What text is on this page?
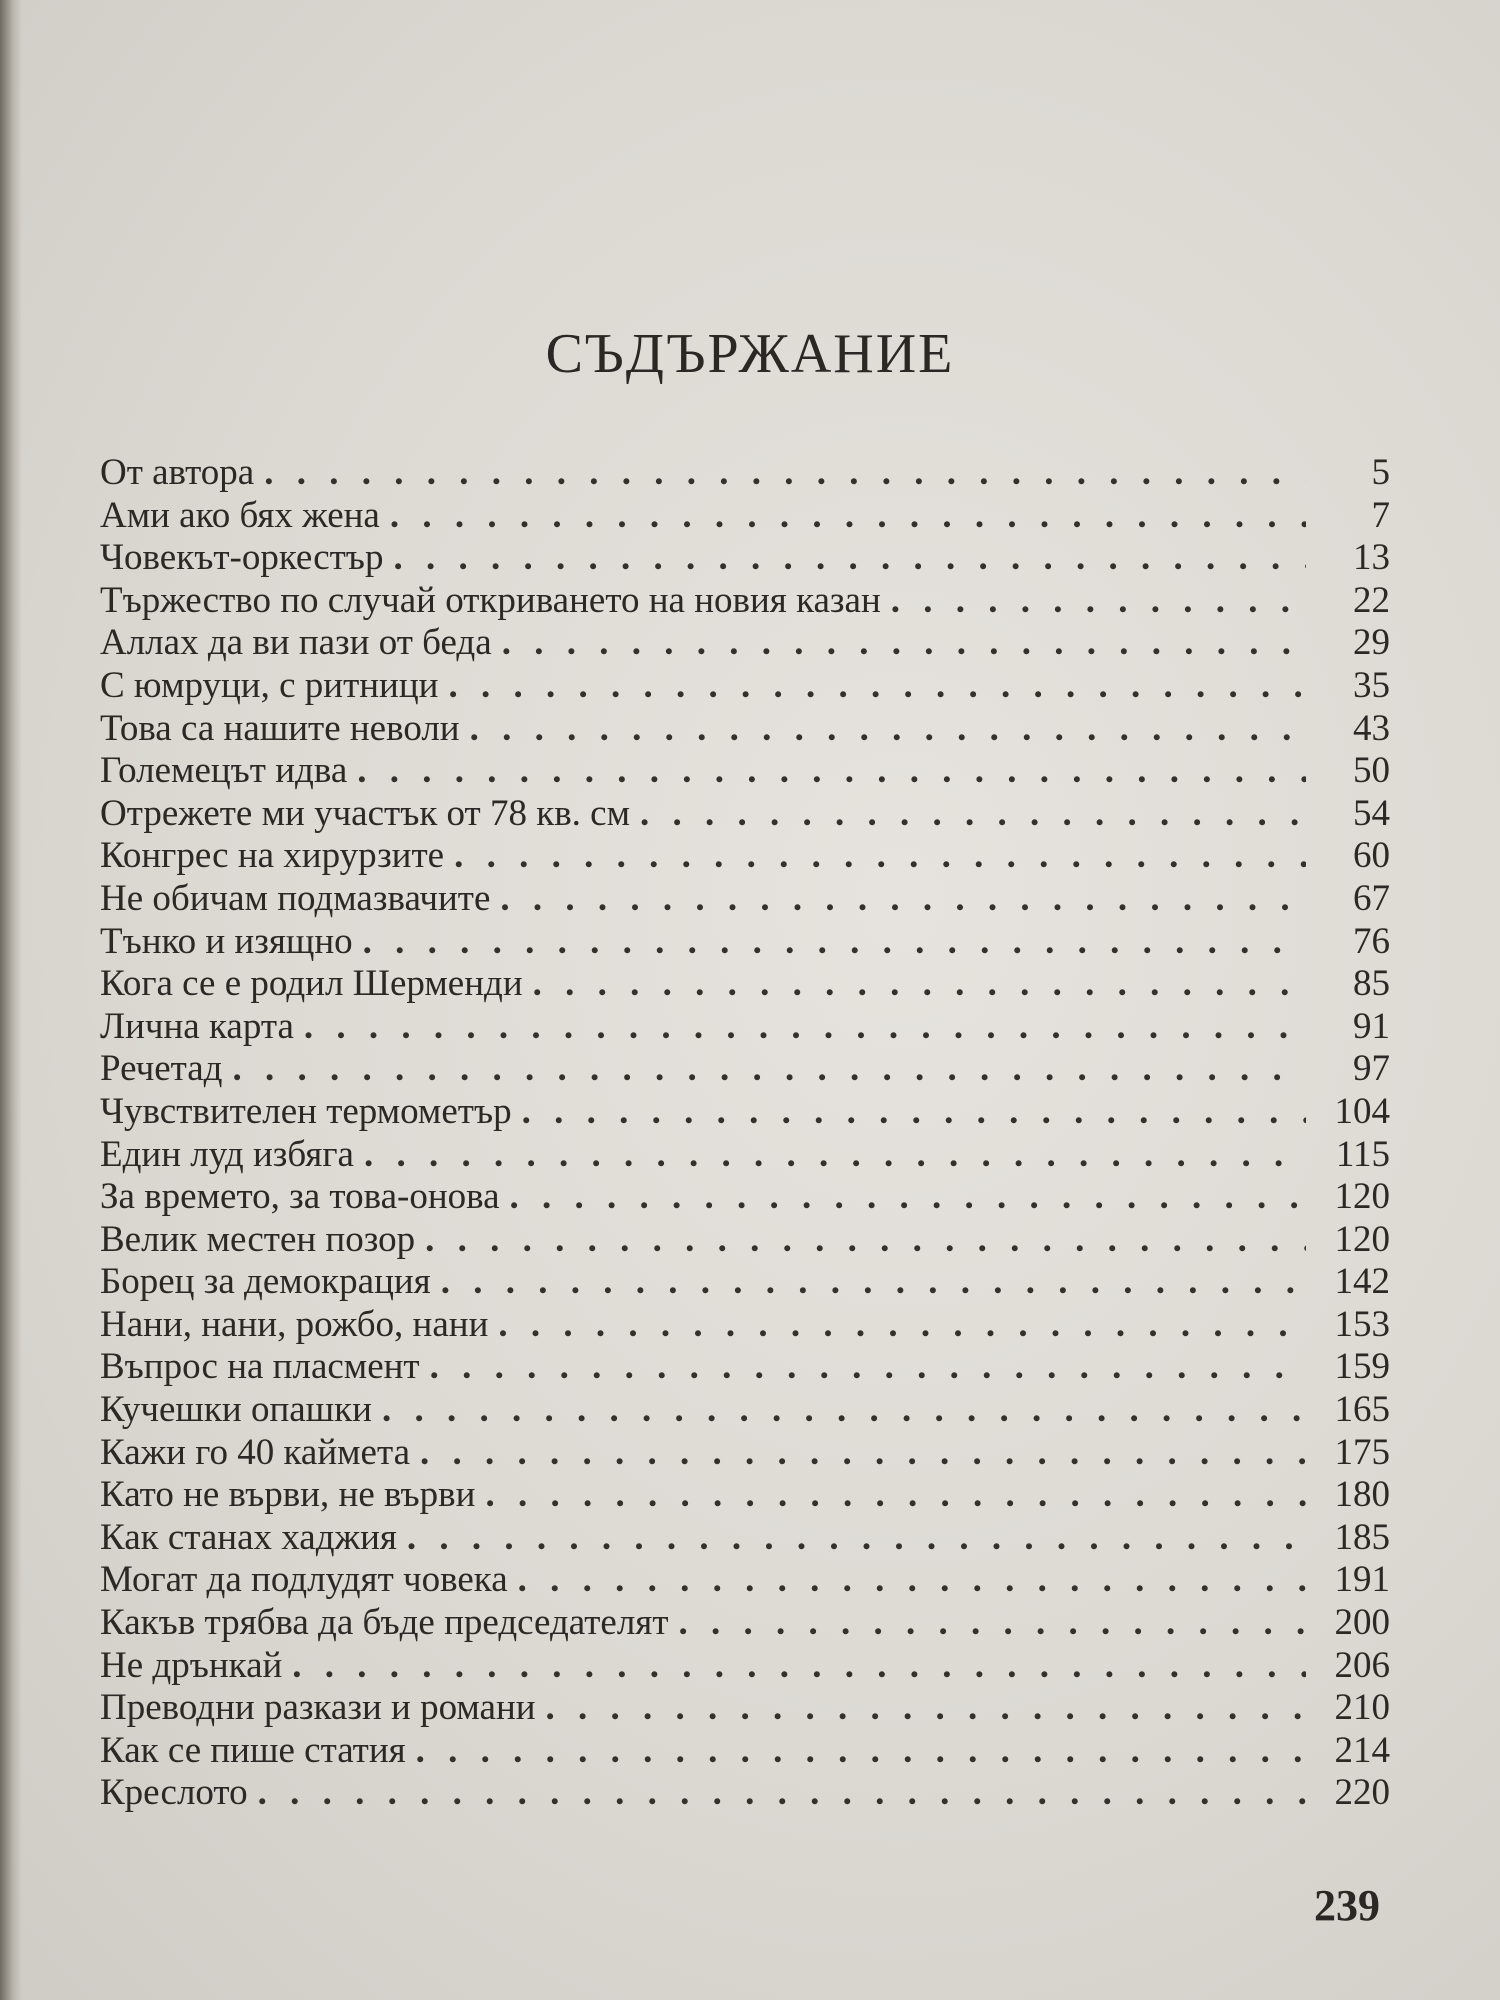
СЪДЪРЖАНИЕ
От автора . . .	5
Ами ако бях жена . . .	7
Човекът-оркестър . . .	13
Тържество по случай откриването на новия казан . . .	22
Аллах да ви пази от беда . . .	29
С юмруци, с ритници . . .	35
Това са нашите неволи . . .	43
Големецът идва . . .	50
Отрежете ми участък от 78 кв. см . . .	54
Конгрес на хирурзите . . .	60
Не обичам подмазвачите . . .	67
Тънко и изящно . . .	76
Кога се е родил Шерменди . . .	85
Лична карта . . .	91
Речетад . . .	97
Чувствителен термометър . . .	104
Един луд избяга . . .	115
За времето, за това-онова . . .	120
Велик местен позор . . .	120
Борец за демокрация . . .	142
Нани, нани, рожбо, нани . . .	153
Въпрос на пласмент . . .	159
Кучешки опашки . . .	165
Кажи го 40 каймета . . .	175
Като не върви, не върви . . .	180
Как станах хаджия . . .	185
Могат да подлудят човека . . .	191
Какъв трябва да бъде председателят . . .	200
Не дрънкай . . .	206
Преводни разкази и романи . . .	210
Как се пише статия . . .	214
Креслото . . .	220
239
